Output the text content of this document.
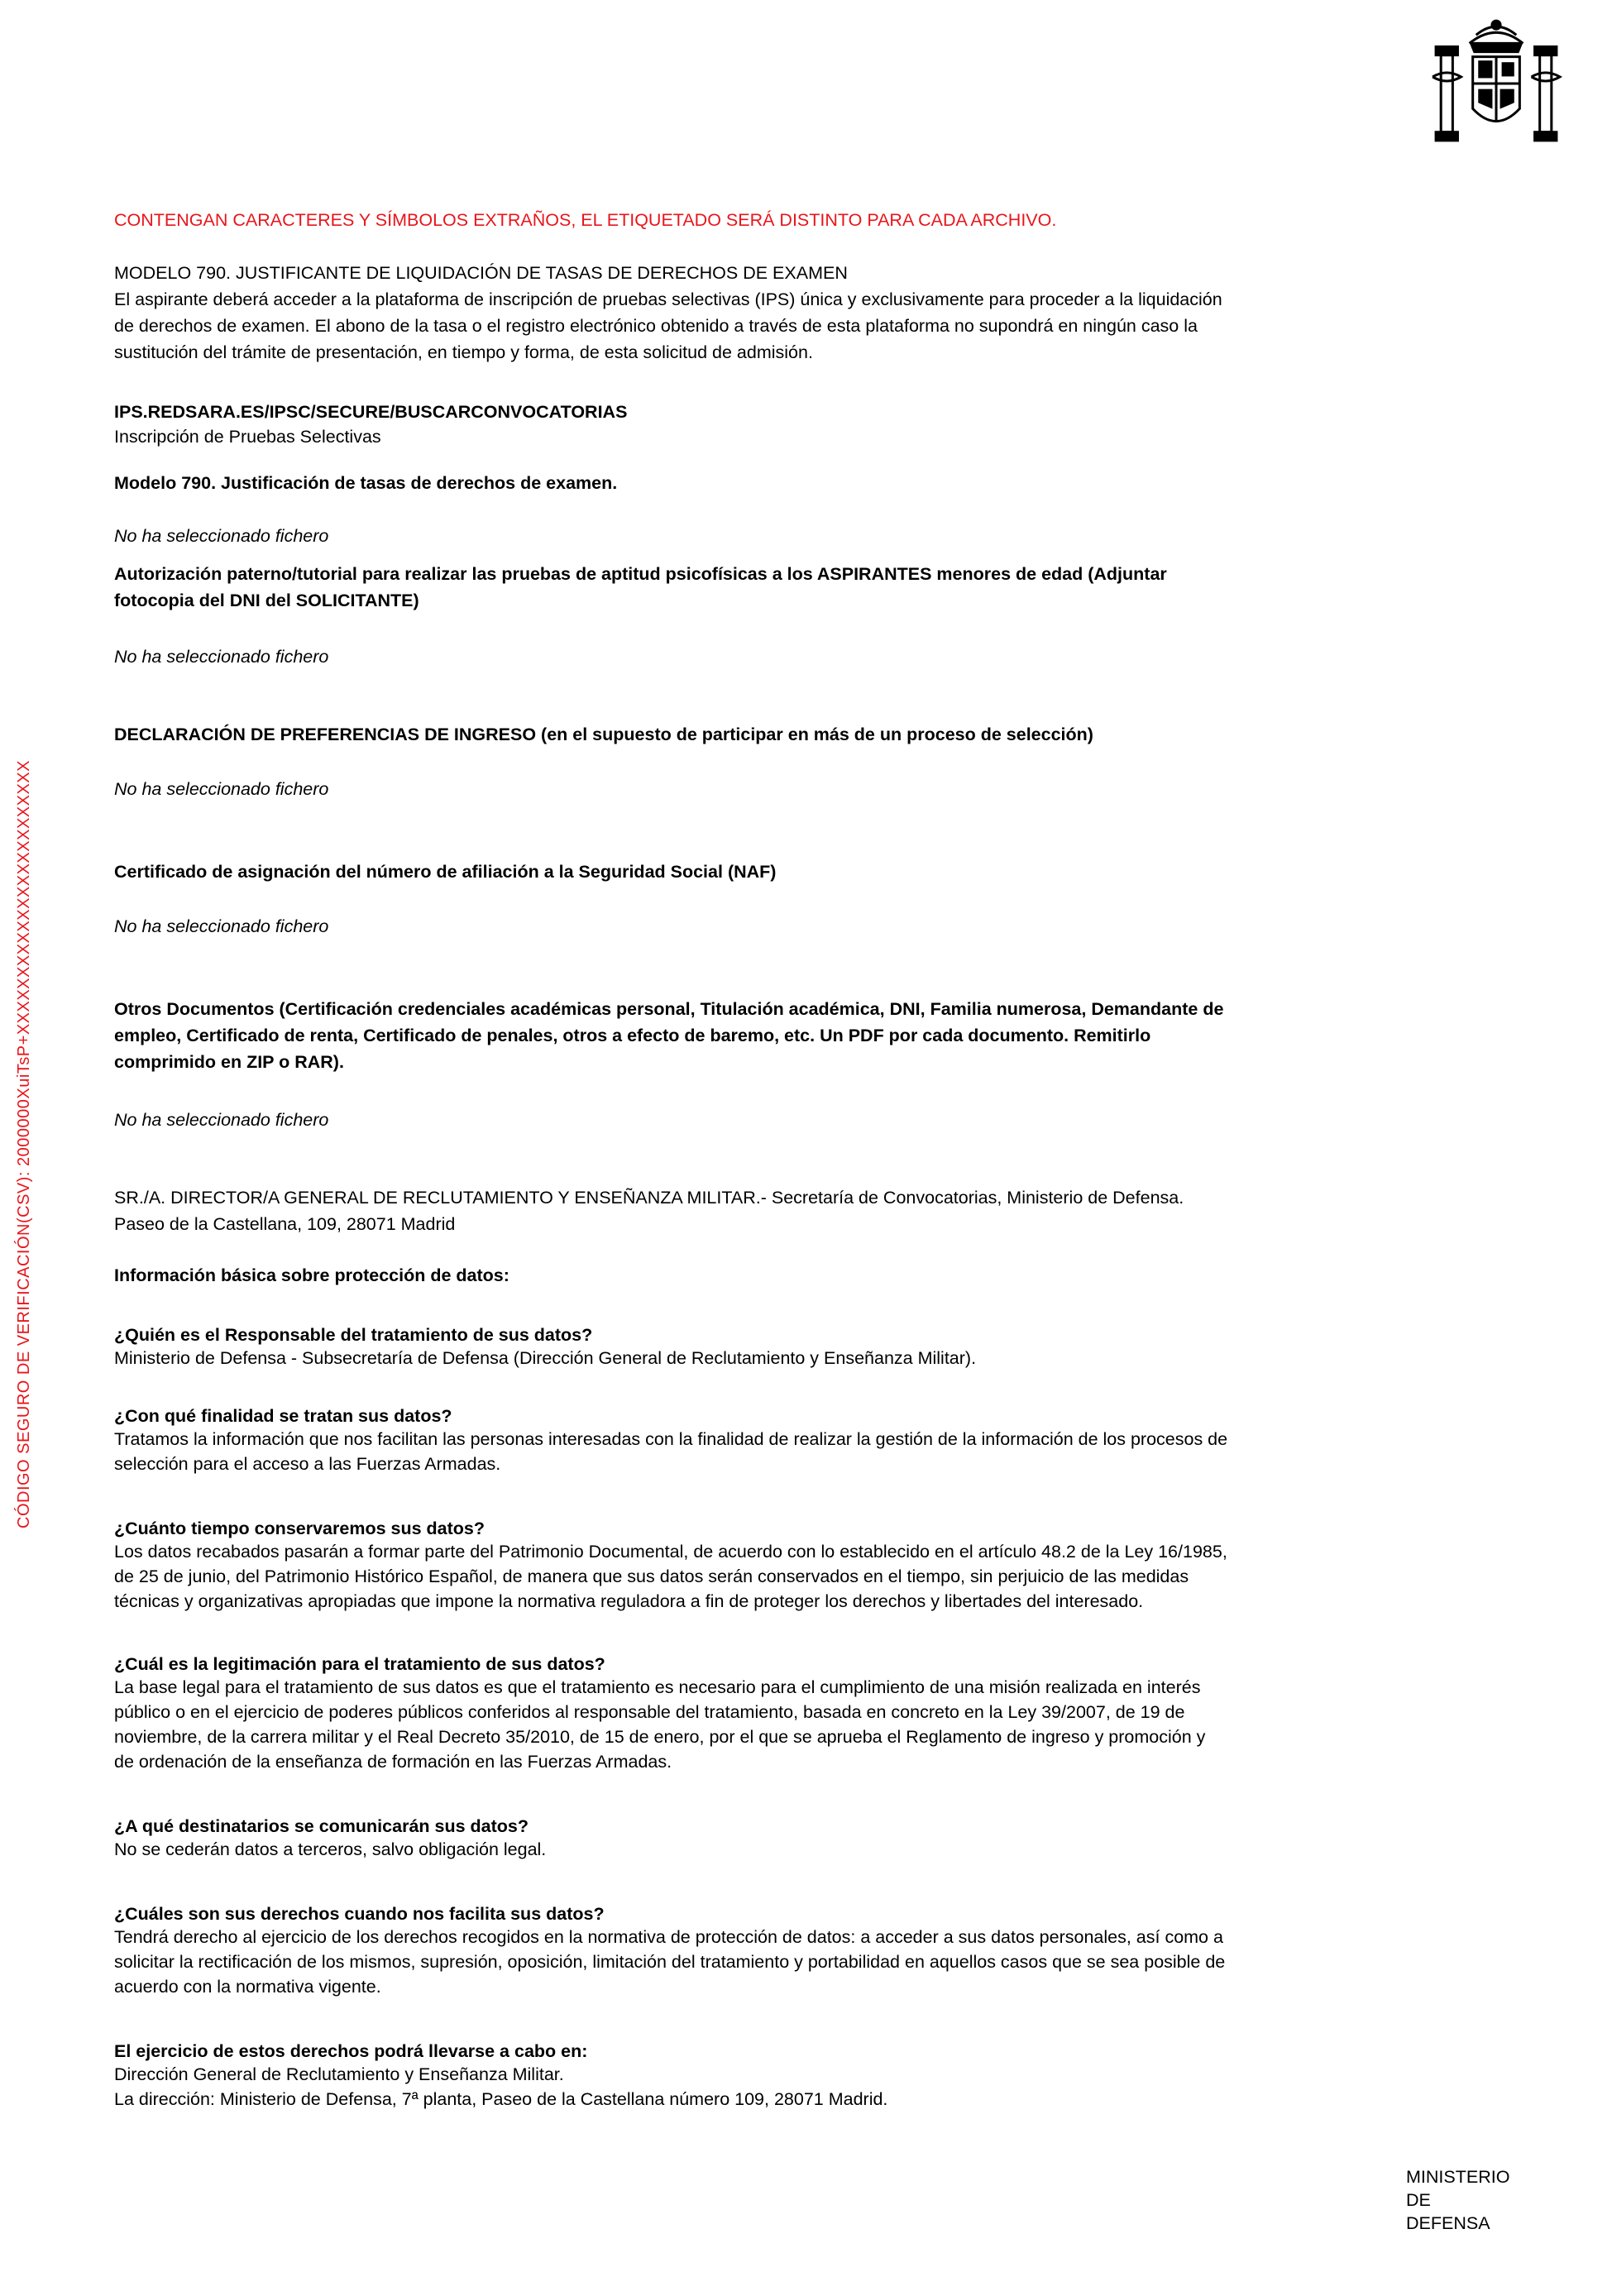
CÓDIGO SEGURO DE VERIFICACIÓN(CSV): 2000000XuiTsP+XXXXXXXXXXXXXXXXXXXXXXXX
CONTENGAN CARACTERES Y SÍMBOLOS EXTRAÑOS, EL ETIQUETADO SERÁ DISTINTO PARA CADA ARCHIVO.
MODELO 790. JUSTIFICANTE DE LIQUIDACIÓN DE TASAS DE DERECHOS DE EXAMEN
El aspirante deberá acceder a la plataforma de inscripción de pruebas selectivas (IPS) única y exclusivamente para proceder a la liquidación
de derechos de examen. El abono de la tasa o el registro electrónico obtenido a través de esta plataforma no supondrá en ningún caso la
sustitución del trámite de presentación, en tiempo y forma, de esta solicitud de admisión.
IPS.REDSARA.ES/IPSC/SECURE/BUSCARCONVOCATORIAS
Inscripción de Pruebas Selectivas
Modelo 790. Justificación de tasas de derechos de examen.
No ha seleccionado fichero
Autorización paterno/tutorial para realizar las pruebas de aptitud psicofísicas a los ASPIRANTES menores de edad (Adjuntar
fotocopia del DNI del SOLICITANTE)
No ha seleccionado fichero
DECLARACIÓN DE PREFERENCIAS DE INGRESO (en el supuesto de participar en más de un proceso de selección)
No ha seleccionado fichero
Certificado de asignación del número de afiliación a la Seguridad Social (NAF)
No ha seleccionado fichero
Otros Documentos (Certificación credenciales académicas personal, Titulación académica, DNI, Familia numerosa, Demandante de
empleo, Certificado de renta, Certificado de penales, otros a efecto de baremo, etc. Un PDF por cada documento. Remitirlo
comprimido en ZIP o RAR).
No ha seleccionado fichero
SR./A. DIRECTOR/A GENERAL DE RECLUTAMIENTO Y ENSEÑANZA MILITAR.- Secretaría de Convocatorias, Ministerio de Defensa.
Paseo de la Castellana, 109, 28071 Madrid
Información básica sobre protección de datos:
¿Quién es el Responsable del tratamiento de sus datos?
Ministerio de Defensa - Subsecretaría de Defensa (Dirección General de Reclutamiento y Enseñanza Militar).
¿Con qué finalidad se tratan sus datos?
Tratamos la información que nos facilitan las personas interesadas con la finalidad de realizar la gestión de la información de los procesos de
selección para el acceso a las Fuerzas Armadas.
¿Cuánto tiempo conservaremos sus datos?
Los datos recabados pasarán a formar parte del Patrimonio Documental, de acuerdo con lo establecido en el artículo 48.2 de la Ley 16/1985,
de 25 de junio, del Patrimonio Histórico Español, de manera que sus datos serán conservados en el tiempo, sin perjuicio de las medidas
técnicas y organizativas apropiadas que impone la normativa reguladora a fin de proteger los derechos y libertades del interesado.
¿Cuál es la legitimación para el tratamiento de sus datos?
La base legal para el tratamiento de sus datos es que el tratamiento es necesario para el cumplimiento de una misión realizada en interés
público o en el ejercicio de poderes públicos conferidos al responsable del tratamiento, basada en concreto en la Ley 39/2007, de 19 de
noviembre, de la carrera militar y el Real Decreto 35/2010, de 15 de enero, por el que se aprueba el Reglamento de ingreso y promoción y
de ordenación de la enseñanza de formación en las Fuerzas Armadas.
¿A qué destinatarios se comunicarán sus datos?
No se cederán datos a terceros, salvo obligación legal.
¿Cuáles son sus derechos cuando nos facilita sus datos?
Tendrá derecho al ejercicio de los derechos recogidos en la normativa de protección de datos: a acceder a sus datos personales, así como a
solicitar la rectificación de los mismos, supresión, oposición, limitación del tratamiento y portabilidad en aquellos casos que se sea posible de
acuerdo con la normativa vigente.
El ejercicio de estos derechos podrá llevarse a cabo en:
Dirección General de Reclutamiento y Enseñanza Militar.
La dirección: Ministerio de Defensa, 7ª planta, Paseo de la Castellana número 109, 28071 Madrid.
MINISTERIO
DE
DEFENSA
